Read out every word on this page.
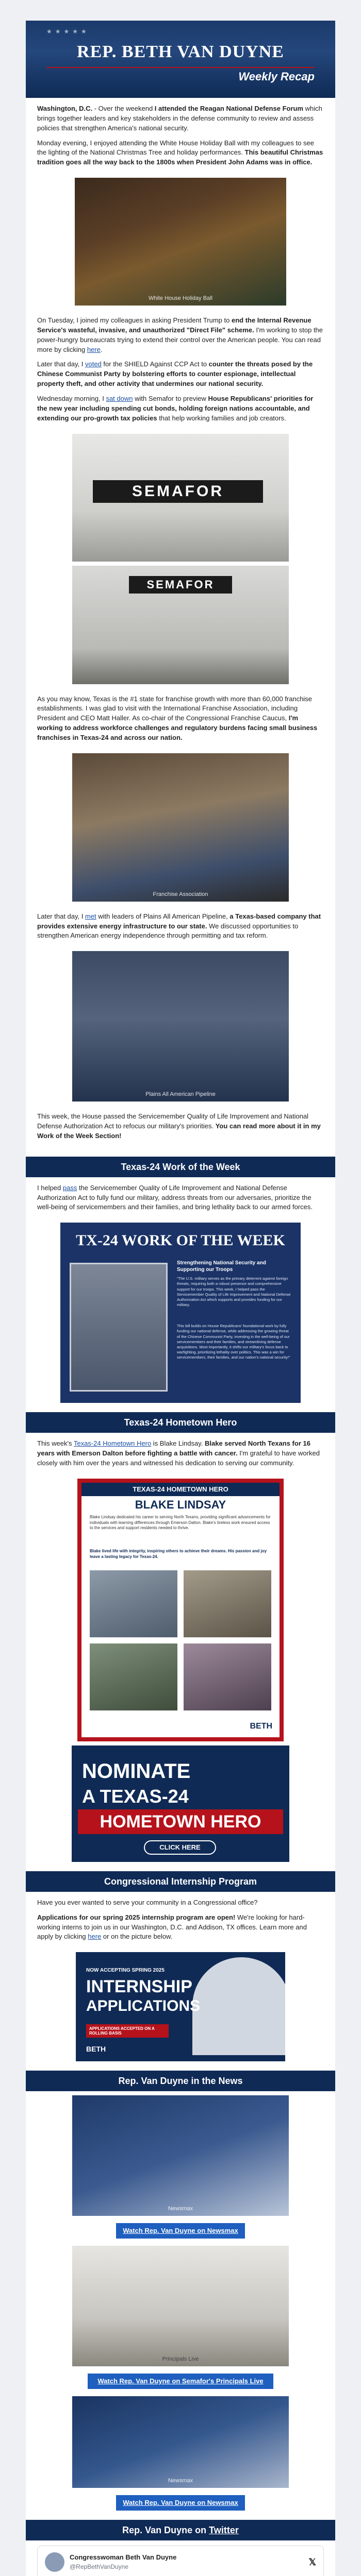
★★★★★
REP. BETH VAN DUYNE
Weekly Recap

Washington, D.C. - Over the weekend I attended the Reagan National Defense Forum which brings together leaders and key stakeholders in the defense community to review and assess policies that strengthen America's national security.

Monday evening, I enjoyed attending the White House Holiday Ball with my colleagues to see the lighting of the National Christmas Tree and holiday performances. This beautiful Christmas tradition goes all the way back to the 1800s when President John Adams was in office.

White House Holiday Ball

On Tuesday, I joined my colleagues in asking President Trump to end the Internal Revenue Service's wasteful, invasive, and unauthorized "Direct File" scheme. I'm working to stop the power-hungry bureaucrats trying to extend their control over the American people. You can read more by clicking here.

Later that day, I voted for the SHIELD Against CCP Act to counter the threats posed by the Chinese Communist Party by bolstering efforts to counter espionage, intellectual property theft, and other activity that undermines our national security.

Wednesday morning, I sat down with Semafor to preview House Republicans' priorities for the new year including spending cut bonds, holding foreign nations accountable, and extending our pro-growth tax policies that help working families and job creators.

SEMAFOR
SEMAFOR

As you may know, Texas is the #1 state for franchise growth with more than 60,000 franchise establishments. I was glad to visit with the International Franchise Association, including President and CEO Matt Haller. As co-chair of the Congressional Franchise Caucus, I'm working to address workforce challenges and regulatory burdens facing small business franchises in Texas-24 and across our nation.

Franchise Association

Later that day, I met with leaders of Plains All American Pipeline, a Texas-based company that provides extensive energy infrastructure to our state. We discussed opportunities to strengthen American energy independence through permitting and tax reform.

Plains All American Pipeline

This week, the House passed the Servicemember Quality of Life Improvement and National Defense Authorization Act to refocus our military's priorities. You can read more about it in my Work of the Week Section!

Texas-24 Work of the Week

I helped pass the Servicemember Quality of Life Improvement and National Defense Authorization Act to fully fund our military, address threats from our adversaries, prioritize the well-being of servicemembers and their families, and bring lethality back to our armed forces.

TX-24 WORK OF THE WEEK
Strengthening National Security and Supporting our Troops
"The U.S. military serves as the primary deterrent against foreign threats, requiring both a robust presence and comprehensive support for our troops. This week, I helped pass the Servicemember Quality of Life Improvement and National Defense Authorization Act which supports and provides funding for our military.
This bill builds on House Republicans' foundational work by fully funding our national defense, while addressing the growing threat of the Chinese Communist Party, investing in the well-being of our servicemembers and their families, and streamlining defense acquisitions. Most importantly, it shifts our military's focus back to warfighting, prioritizing lethality over politics. This was a win for servicemembers, their families, and our nation's national security!"
Texas-24 Hometown Hero

This week's Texas-24 Hometown Hero is Blake Lindsay. Blake served North Texans for 16 years with Emerson Dalton before fighting a battle with cancer. I'm grateful to have worked closely with him over the years and witnessed his dedication to serving our community.

TEXAS-24 HOMETOWN HERO
BLAKE LINDSAY
Blake Lindsay dedicated his career to serving North Texans, providing significant advancements for individuals with learning differences through Emerson Dalton. Blake's tireless work ensured access to the services and support residents needed to thrive.
Blake lived life with integrity, inspiring others to achieve their dreams. His passion and joy leave a lasting legacy for Texas-24.
BETH
NOMINATE
A TEXAS-24
HOMETOWN HERO
CLICK HERE
Congressional Internship Program

Have you ever wanted to serve your community in a Congressional office?

Applications for our spring 2025 internship program are open! We're looking for hard-working interns to join us in our Washington, D.C. and Addison, TX offices. Learn more and apply by clicking here or on the picture below.

NOW ACCEPTING SPRING 2025
INTERNSHIP
APPLICATIONS
APPLICATIONS ACCEPTED ON A ROLLING BASIS
BETH
Rep. Van Duyne in the News
Newsmax
Watch Rep. Van Duyne on Newsmax
Principals Live
Watch Rep. Van Duyne on Semafor's Principals Live
Newsmax
Watch Rep. Van Duyne on Newsmax
Rep. Van Duyne on Twitter
Congresswoman Beth Van Duyne
@RepBethVanDuyne	𝕏
